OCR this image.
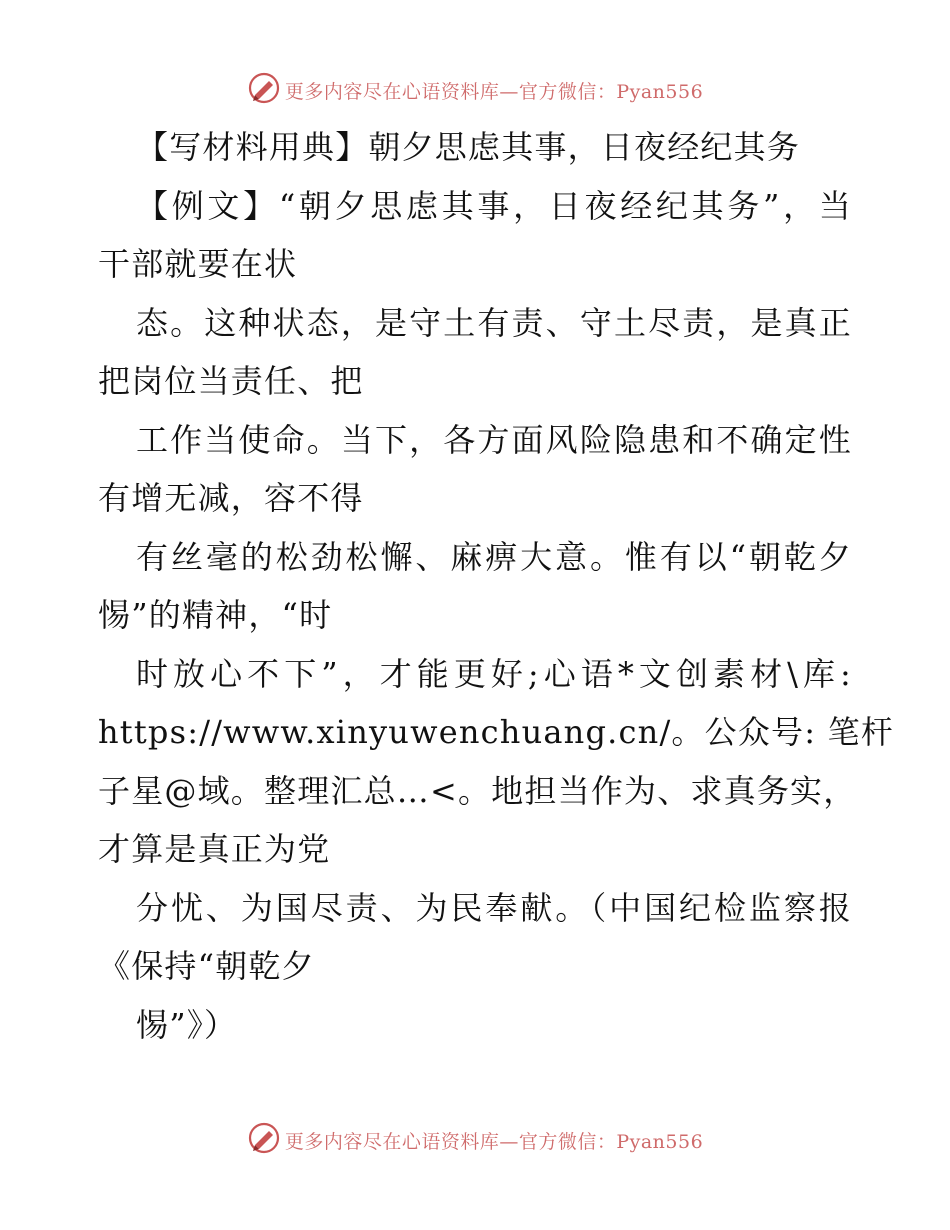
更多内容尽在心语资料库—官方微信：Pyan556
【写材料用典】朝夕思虑其事，日夜经纪其务
【例文】“朝夕思虑其事，日夜经纪其务”，当
干部就要在状
态。这种状态，是守土有责、守土尽责，是真正
把岗位当责任、把
工作当使命。当下，各方面风险隐患和不确定性
有增无减，容不得
有丝毫的松劲松懈、麻痹大意。惟有以“朝乾夕
惕”的精神，“时
时放心不下”，才能更好;心语*文创素材\库:
https://www.xinyuwenchuang.cn/。公众号: 笔杆
子星@域。整理汇总…<。地担当作为、求真务实，
才算是真正为党
分忧、为国尽责、为民奉献。（中国纪检监察报
《保持“朝乾夕
惕”》）
更多内容尽在心语资料库—官方微信：Pyan556
